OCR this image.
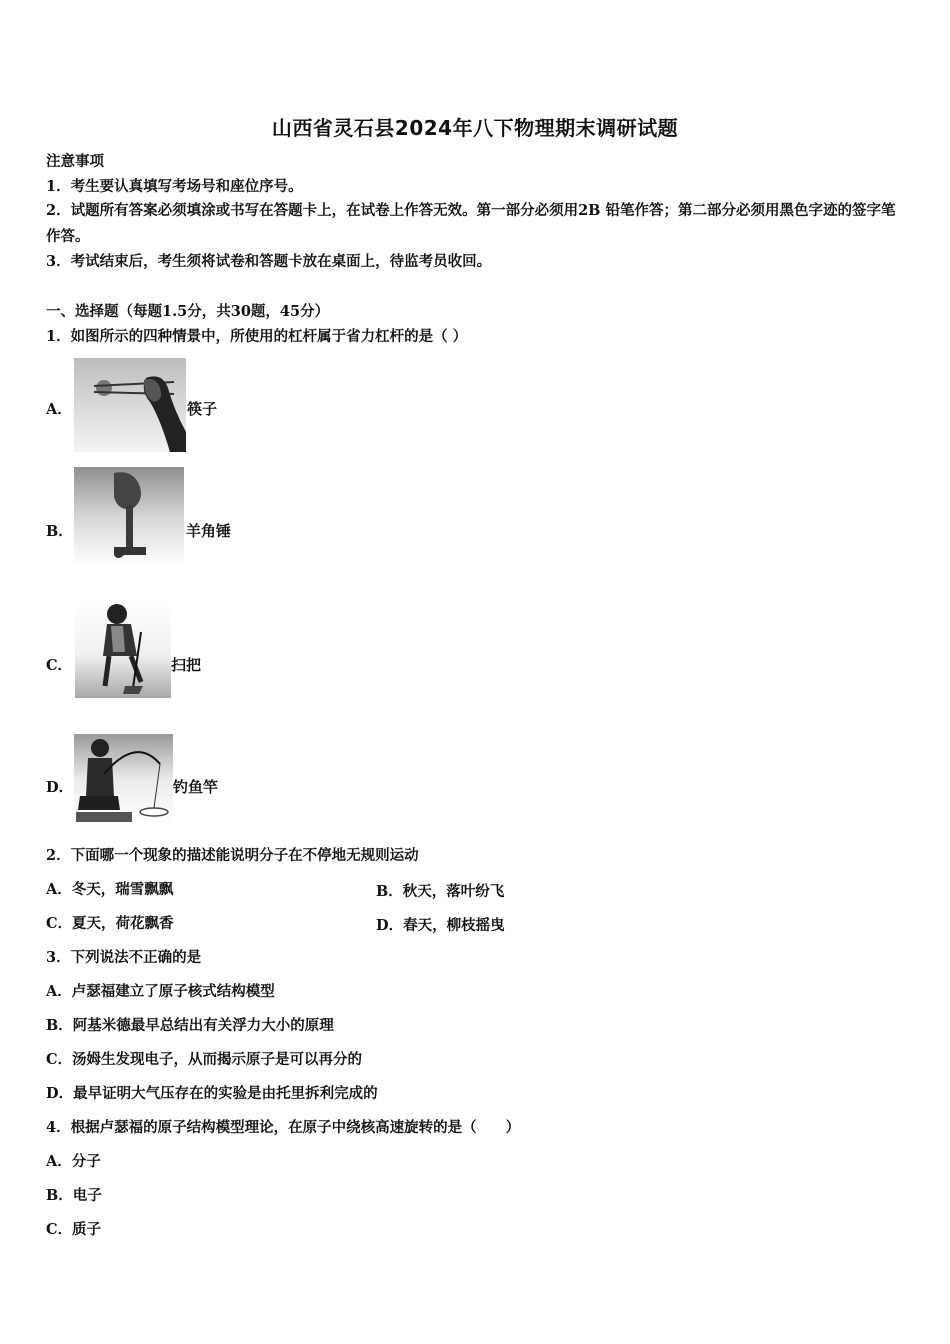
山西省灵石县2024年八下物理期末调研试题
注意事项
1．考生要认真填写考场号和座位序号。
2．试题所有答案必须填涂或书写在答题卡上，在试卷上作答无效。第一部分必须用2B 铅笔作答；第二部分必须用黑色字迹的签字笔作答。
3．考试结束后，考生须将试卷和答题卡放在桌面上，待监考员收回。
一、选择题（每题1.5分，共30题，45分）
1．如图所示的四种情景中，所使用的杠杆属于省力杠杆的是（ ）
A．	筷子
B．	羊角锤
C．	扫把
D．	钓鱼竿
2．下面哪一个现象的描述能说明分子在不停地无规则运动
A．冬天，瑞雪飘飘	B．秋天，落叶纷飞
C．夏天，荷花飘香	D．春天，柳枝摇曳
3．下列说法不正确的是
A．卢瑟福建立了原子核式结构模型
B．阿基米德最早总结出有关浮力大小的原理
C．汤姆生发现电子，从而揭示原子是可以再分的
D．最早证明大气压存在的实验是由托里拆利完成的
4．根据卢瑟福的原子结构模型理论，在原子中绕核高速旋转的是（　　）
A．分子
B．电子
C．质子
